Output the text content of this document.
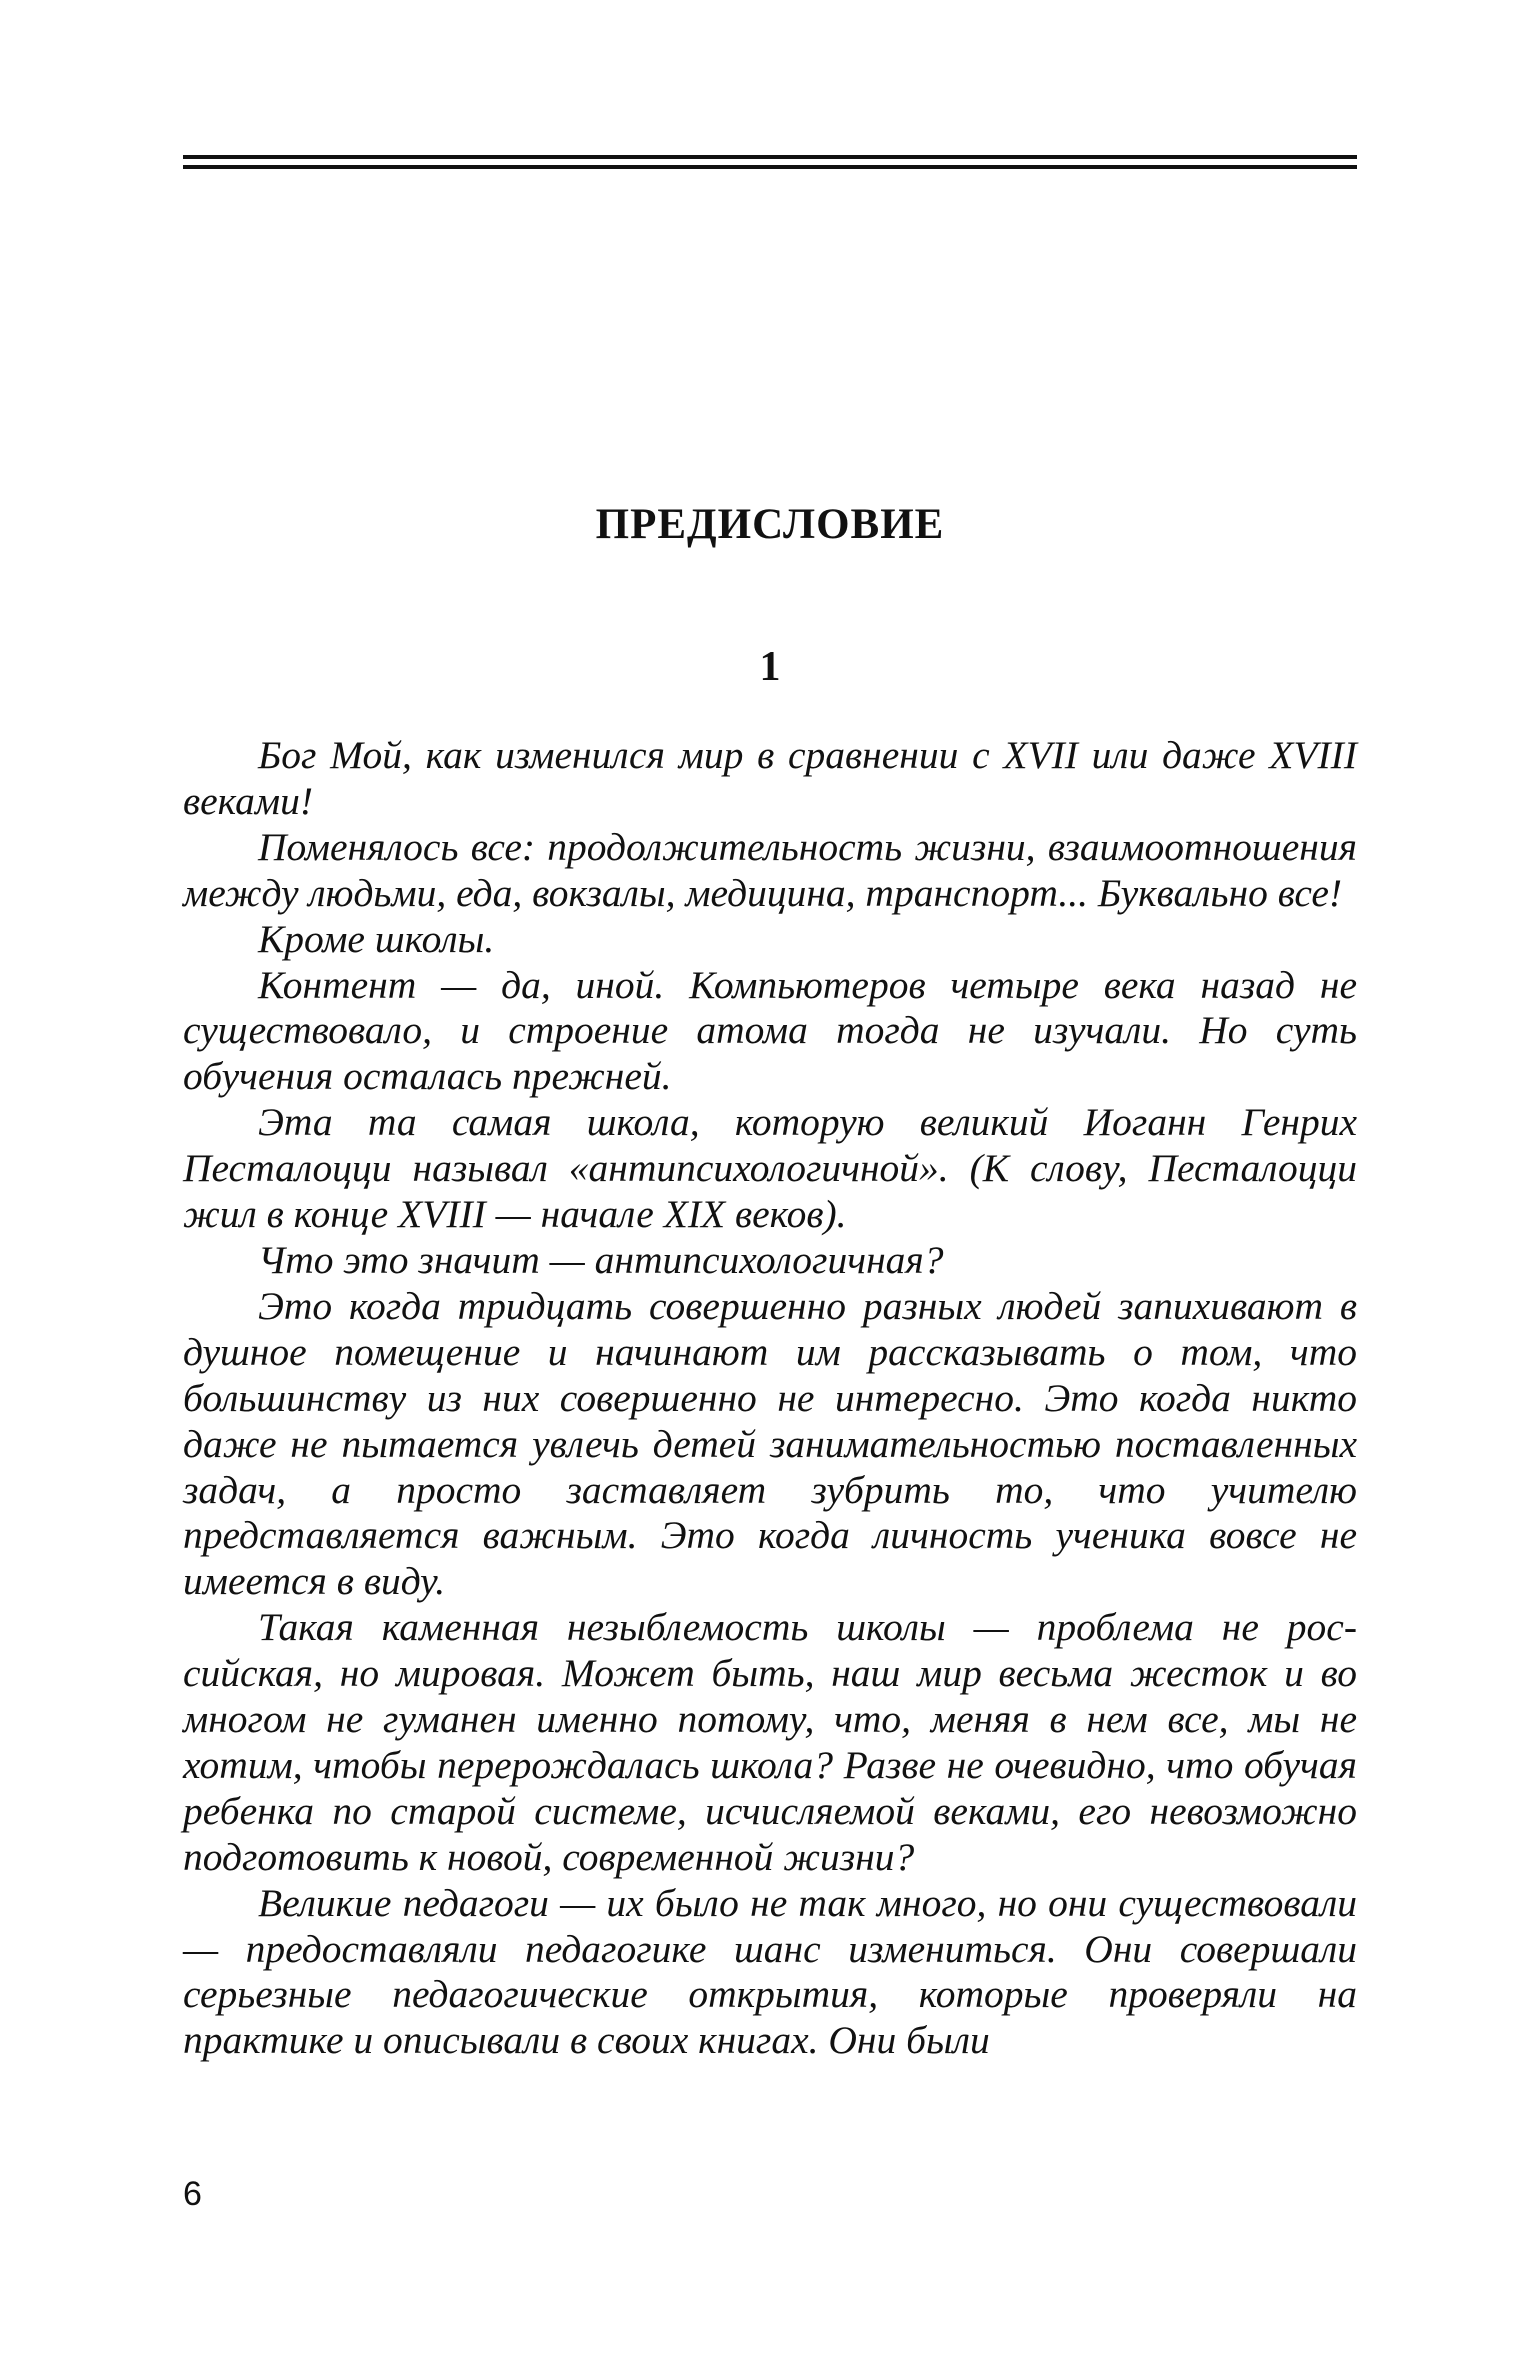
ПРЕДИСЛОВИЕ
1

Бог Мой, как изменился мир в сравнении с XVII или даже XVIII веками!

Поменялось все: продолжительность жизни, взаимоотношения между людьми, еда, вокзалы, медицина, транспорт... Буквально все!

Кроме школы.

Контент — да, иной. Компьютеров четыре века назад не существовало, и строение атома тогда не изучали. Но суть обучения осталась прежней.

Эта та самая школа, которую великий Иоганн Генрих Песталоцци называл «антипсихологичной». (К слову, Песталоцци жил в конце XVIII — начале XIX веков).

Что это значит — антипсихологичная?

Это когда тридцать совершенно разных людей запихивают в душное помещение и начинают им рассказывать о том, что большинству из них совершенно не интересно. Это когда никто даже не пытается увлечь детей занимательностью поставленных задач, а просто заставляет зубрить то, что учителю представляется важным. Это когда личность ученика вовсе не имеется в виду.

Такая каменная незыблемость школы — проблема не российская, но мировая. Может быть, наш мир весьма жесток и во многом не гуманен именно потому, что, меняя в нем все, мы не хотим, чтобы перерождалась школа? Разве не очевидно, что обучая ребенка по старой системе, исчисляемой веками, его невозможно подготовить к новой, современной жизни?

Великие педагоги — их было не так много, но они существовали — предоставляли педагогике шанс измениться. Они совершали серьезные педагогические открытия, которые проверяли на практике и описывали в своих книгах. Они были

6
